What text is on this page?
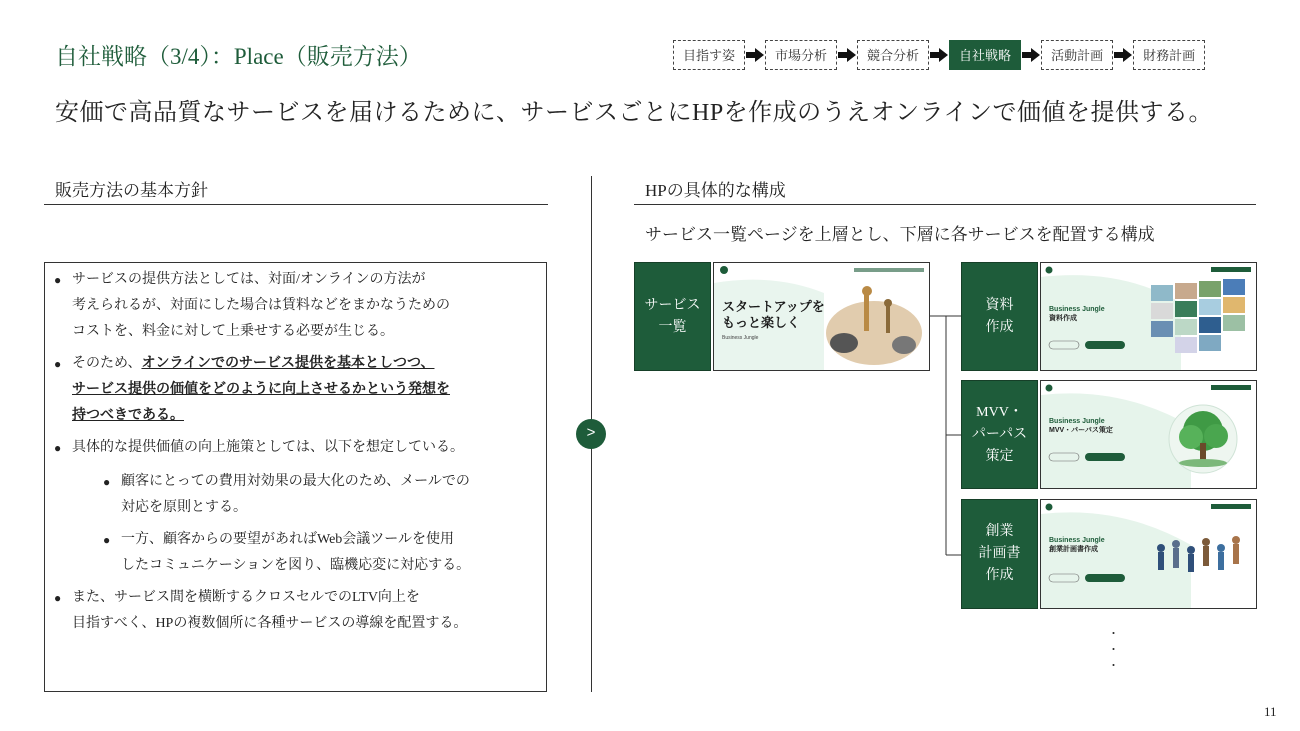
自社戦略（3/4）：Place（販売方法）	目指す姿	市場分析	競合分析	自社戦略	活動計画	財務計画
安価で高品質なサービスを届けるために、サービスごとにHPを作成のうえオンラインで価値を提供する。
販売方法の基本方針
● サービスの提供方法としては、対面/オンラインの方法が
考えられるが、対面にした場合は賃料などをまかなうための
コストを、料金に対して上乗せする必要が生じる。
● そのため、オンラインでのサービス提供を基本としつつ、
サービス提供の価値をどのように向上させるかという発想を
持つべきである。
● 具体的な提供価値の向上施策としては、以下を想定している。
● 顧客にとっての費用対効果の最大化のため、メールでの
対応を原則とする。
● 一方、顧客からの要望があればWeb会議ツールを使用
したコミュニケーションを図り、臨機応変に対応する。
● また、サービス間を横断するクロスセルでのLTV向上を
目指すべく、HPの複数個所に各種サービスの導線を配置する。
>
HPの具体的な構成
サービス一覧ページを上層とし、下層に各サービスを配置する構成
サービス
一覧
スタートアップを
もっと楽しく
Business Jungle
資料
作成
Business Jungle
資料作成
MVV・
パーパス
策定
Business Jungle
MVV・パーパス策定
創業
計画書
作成
Business Jungle
創業計画書作成
・
・
・
11
